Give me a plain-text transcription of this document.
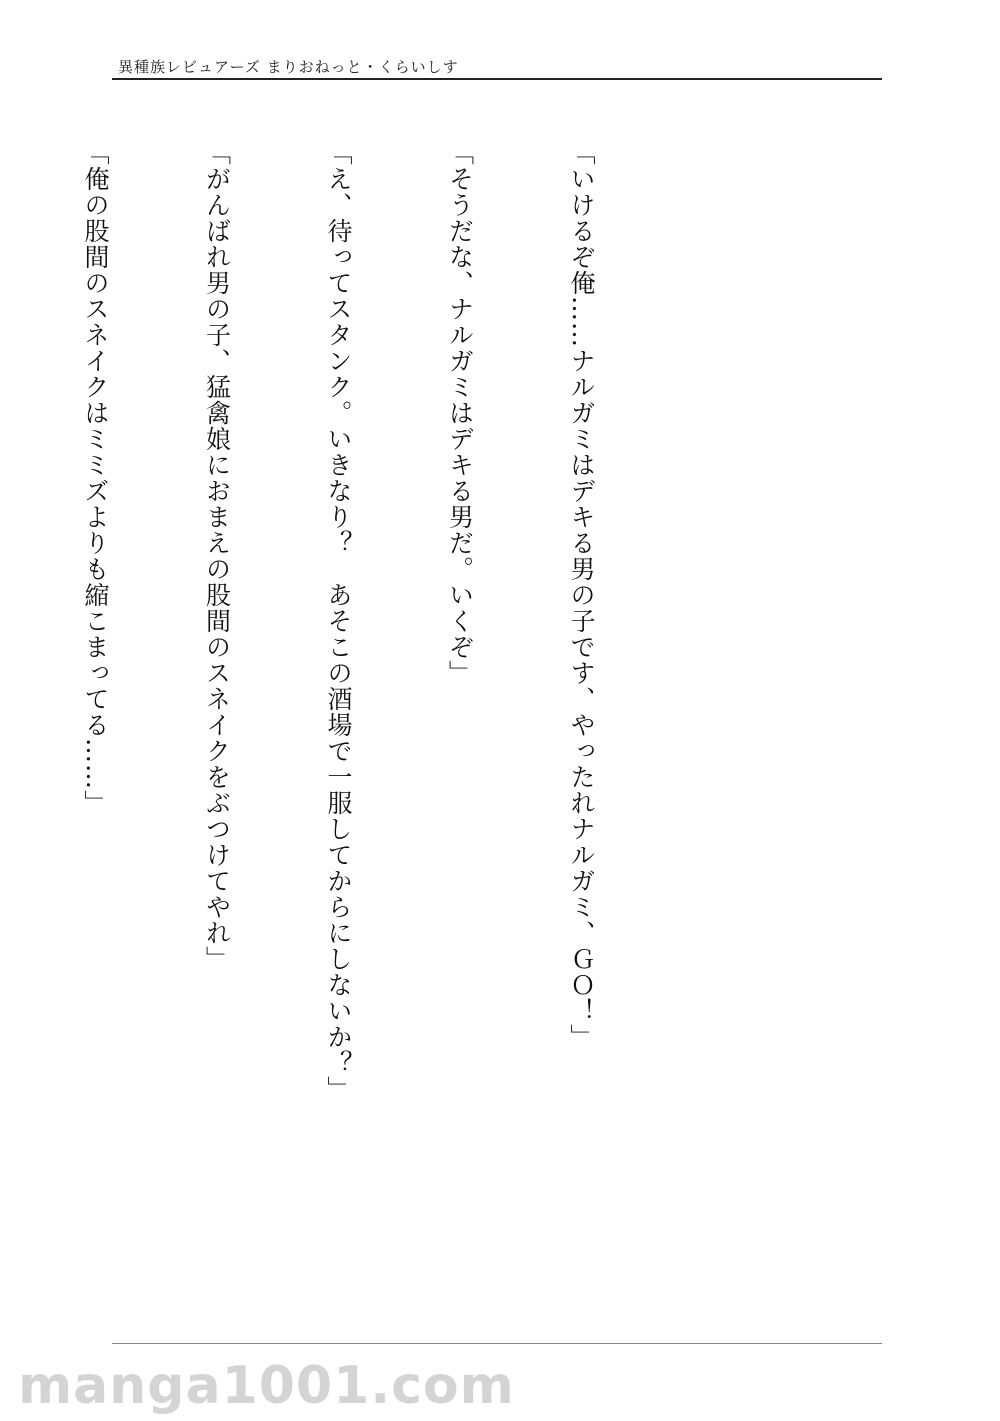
異種族レビュアーズ まりおねっと・くらいしす

「いけるぞ俺……ナルガミはデキる男の子です、やったれナルガミ、ＧＯ！」

「そうだな、ナルガミはデキる男だ。いくぞ」

「え、待ってスタンク。いきなり？　あそこの酒場で一服してからにしないか？」

「がんばれ男の子、猛禽娘におまえの股間のスネイクをぶつけてやれ」

「俺の股間のスネイクはミミズよりも縮こまってる……」

manga1001.com
